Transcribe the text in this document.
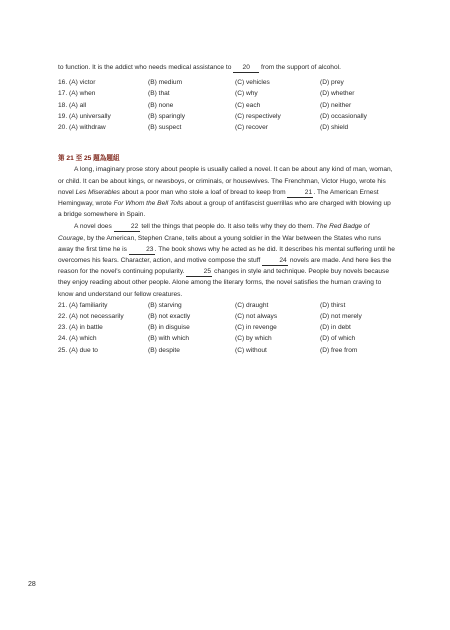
to function. It is the addict who needs medical assistance to 20 from the support of alcohol.

16. (A) victor	(B) medium	(C) vehicles	(D) prey
17. (A) when	(B) that	(C) why	(D) whether
18. (A) all	(B) none	(C) each	(D) neither
19. (A) universally	(B) sparingly	(C) respectively	(D) occasionally
20. (A) withdraw	(B) suspect	(C) recover	(D) shield

第 21 至 25 題為題組

A long, imaginary prose story about people is usually called a novel. It can be about any kind of man, woman, or child. It can be about kings, or newsboys, or criminals, or housewives. The Frenchman, Victor Hugo, wrote his novel Les Miserables about a poor man who stole a loaf of bread to keep from	21. The American Ernest Hemingway, wrote For Whom the Bell Tolls about a group of antifascist guerrillas who are charged with blowing up a bridge somewhere in Spain.

A novel does	22 tell the things that people do. It also tells why they do them. The Red Badge of Courage, by the American, Stephen Crane, tells about a young soldier in the War between the States who runs away the first time he is	23. The book shows why he acted as he did. It describes his mental suffering until he overcomes his fears. Character, action, and motive compose the stuff	24 novels are made. And here lies the reason for the novel's continuing popularity.	25 changes in style and technique. People buy novels because they enjoy reading about other people. Alone among the literary forms, the novel satisfies the human craving to know and understand our fellow creatures.

21. (A) familiarity	(B) starving	(C) draught	(D) thirst
22. (A) not necessarily	(B) not exactly	(C) not always	(D) not merely
23. (A) in battle	(B) in disguise	(C) in revenge	(D) in debt
24. (A) which	(B) with which	(C) by which	(D) of which
25. (A) due to	(B) despite	(C) without	(D) free from
28
